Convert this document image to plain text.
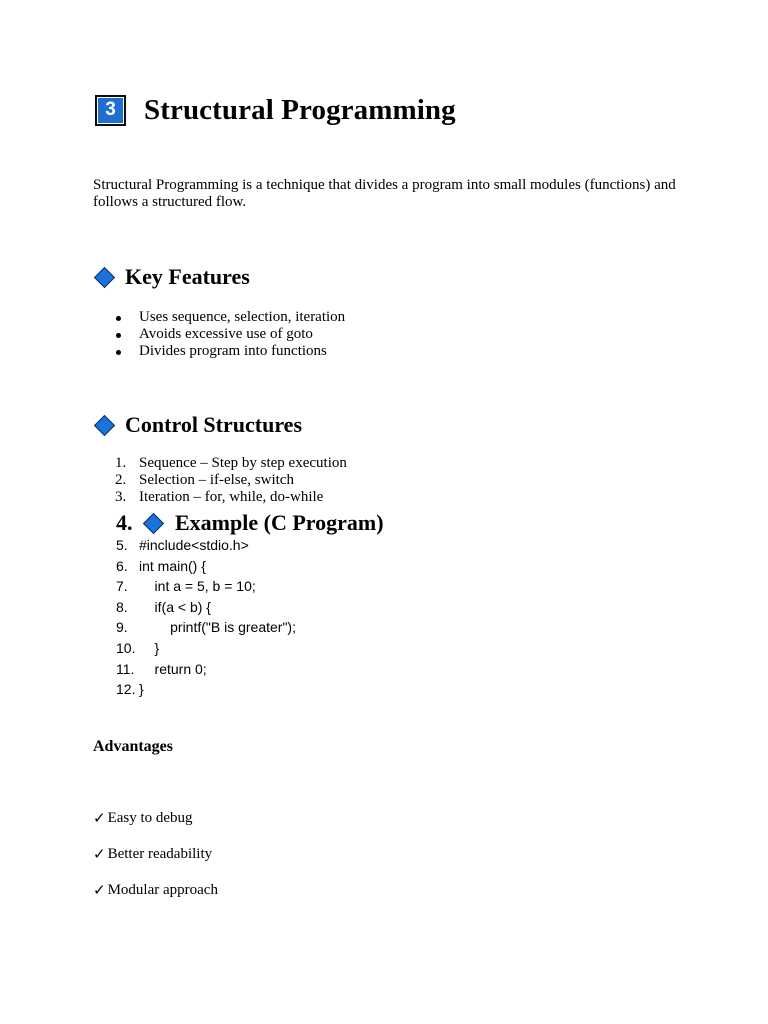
3 Structural Programming
Structural Programming is a technique that divides a program into small modules (functions) and follows a structured flow.
Key Features
Uses sequence, selection, iteration
Avoids excessive use of goto
Divides program into functions
Control Structures
1. Sequence – Step by step execution
2. Selection – if-else, switch
3. Iteration – for, while, do-while
4.	Example (C Program)
5. #include<stdio.h>
6. int main() {
7.    int a = 5, b = 10;
8.    if(a < b) {
9.        printf("B is greater");
10.    }
11.    return 0;
12. }
Advantages
✓ Easy to debug
✓ Better readability
✓ Modular approach
